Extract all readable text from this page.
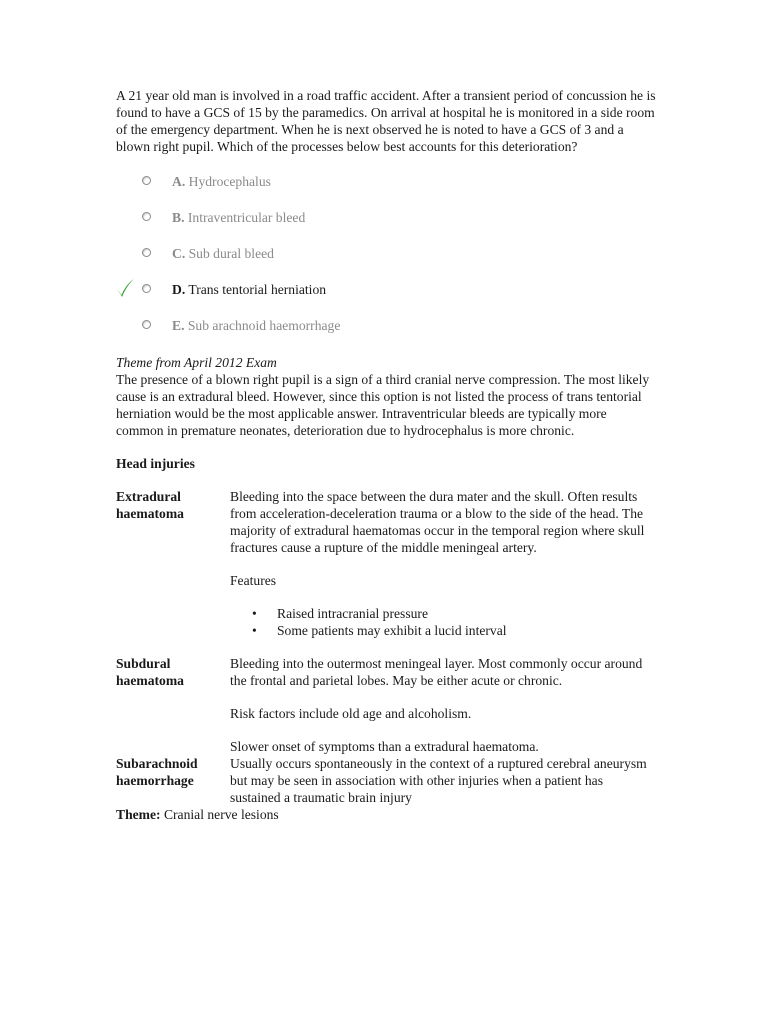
A 21 year old man is involved in a road traffic accident. After a transient period of concussion he is found to have a GCS of 15 by the paramedics. On arrival at hospital he is monitored in a side room of the emergency department. When he is next observed he is noted to have a GCS of 3 and a blown right pupil. Which of the processes below best accounts for this deterioration?

A. Hydrocephalus
B. Intraventricular bleed
C. Sub dural bleed
D. Trans tentorial herniation
E. Sub arachnoid haemorrhage
Theme from April 2012 Exam

The presence of a blown right pupil is a sign of a third cranial nerve compression. The most likely cause is an extradural bleed. However, since this option is not listed the process of trans tentorial herniation would be the most applicable answer. Intraventricular bleeds are typically more common in premature neonates, deterioration due to hydrocephalus is more chronic.

Head injuries
Extradural haematoma

Bleeding into the space between the dura mater and the skull. Often results from acceleration-deceleration trauma or a blow to the side of the head. The majority of extradural haematomas occur in the temporal region where skull fractures cause a rupture of the middle meningeal artery.

Features

• Raised intracranial pressure
• Some patients may exhibit a lucid interval
Subdural haematoma

Bleeding into the outermost meningeal layer. Most commonly occur around the frontal and parietal lobes. May be either acute or chronic.

Risk factors include old age and alcoholism.

Slower onset of symptoms than a extradural haematoma.

Subarachnoid haemorrhage

Usually occurs spontaneously in the context of a ruptured cerebral aneurysm but may be seen in association with other injuries when a patient has sustained a traumatic brain injury

Theme: Cranial nerve lesions
